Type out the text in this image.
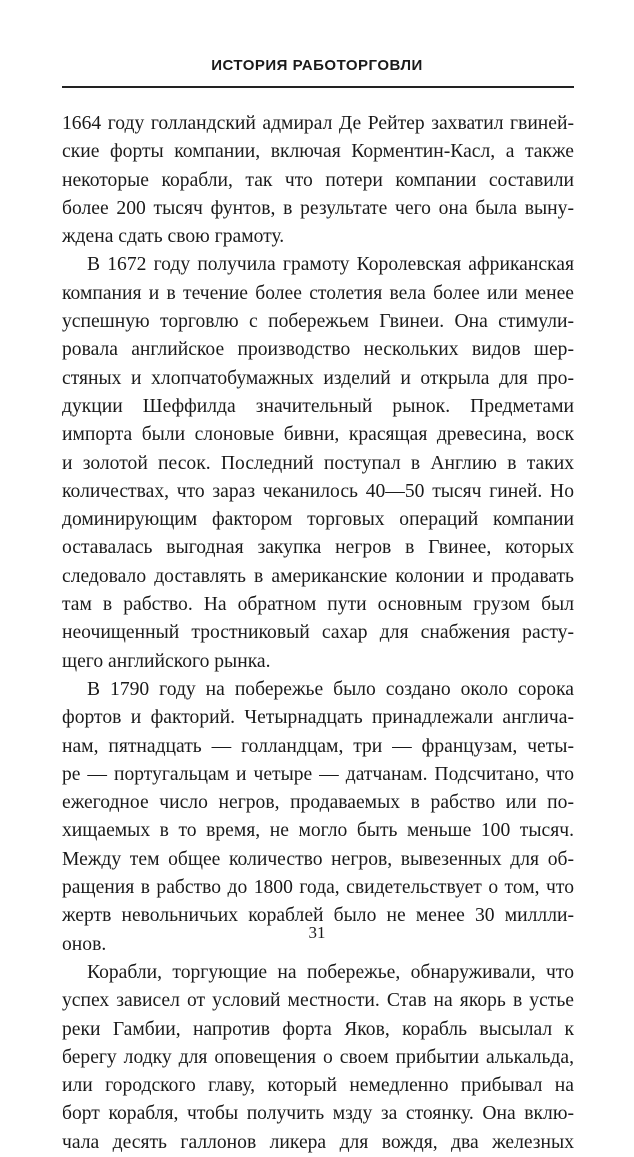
ИСТОРИЯ РАБОТОРГОВЛИ
1664 году голландский адмирал Де Рейтер захватил гвиней-
ские форты компании, включая Корментин-Касл, а также
некоторые корабли, так что потери компании составили
более 200 тысяч фунтов, в результате чего она была выну-
ждена сдать свою грамоту.
В 1672 году получила грамоту Королевская африканская
компания и в течение более столетия вела более или менее
успешную торговлю с побережьем Гвинеи. Она стимули-
ровала английское производство нескольких видов шер-
стяных и хлопчатобумажных изделий и открыла для про-
дукции Шеффилда значительный рынок. Предметами
импорта были слоновые бивни, красящая древесина, воск
и золотой песок. Последний поступал в Англию в таких
количествах, что зараз чеканилось 40—50 тысяч гиней. Но
доминирующим фактором торговых операций компании
оставалась выгодная закупка негров в Гвинее, которых
следовало доставлять в американские колонии и продавать
там в рабство. На обратном пути основным грузом был
неочищенный тростниковый сахар для снабжения расту-
щего английского рынка.
В 1790 году на побережье было создано около сорока
фортов и факторий. Четырнадцать принадлежали англича-
нам, пятнадцать — голландцам, три — французам, четы-
ре — португальцам и четыре — датчанам. Подсчитано, что
ежегодное число негров, продаваемых в рабство или по-
хищаемых в то время, не могло быть меньше 100 тысяч.
Между тем общее количество негров, вывезенных для об-
ращения в рабство до 1800 года, свидетельствует о том, что
жертв невольничьих кораблей было не менее 30 миллли-
онов.
Корабли, торгующие на побережье, обнаруживали, что
успех зависел от условий местности. Став на якорь в устье
реки Гамбии, напротив форта Яков, корабль высылал к
берегу лодку для оповещения о своем прибытии алькальда,
или городского главу, который немедленно прибывал на
борт корабля, чтобы получить мзду за стоянку. Она вклю-
чала десять галлонов ликера для вождя, два железных
31
